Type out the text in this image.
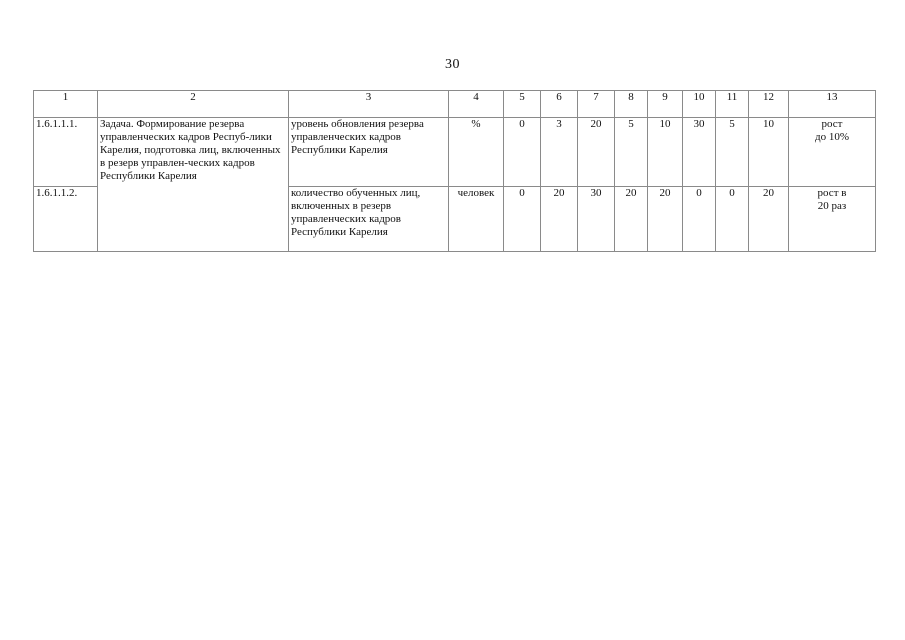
30
1	2	3	4	5	6	7	8	9	10	11	12	13
1.6.1.1.1.	Задача. Формирование резерва управленческих кадров Респуб-лики Карелия, подготовка лиц, включенных в резерв управлен-ческих кадров Республики Карелия	уровень обновления резерва управленческих кадров Республики Карелия	%	0	3	20	5	10	30	5	10	рост
до 10%

1.6.1.1.2.		количество обученных лиц, включенных в резерв управленческих кадров Республики Карелия	человек	0	20	30	20	20	0	0	20	рост в
20 раз
